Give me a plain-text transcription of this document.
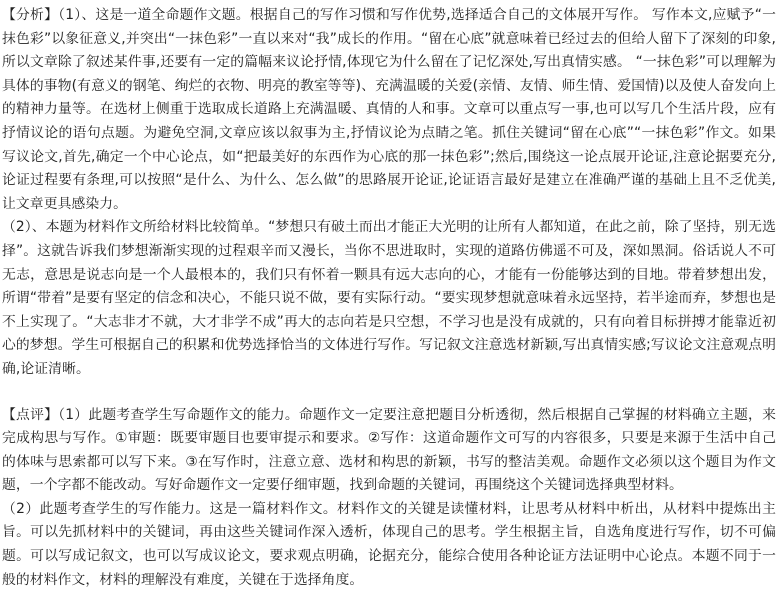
【分析】（1）、这是一道全命题作文题。根据自己的写作习惯和写作优势,选择适合自己的文体展开写作。 写作本文,应赋予“一抹色彩”以象征意义,并突出“一抹色彩”一直以来对“我”成长的作用。“留在心底”就意味着已经过去的但给人留下了深刻的印象,所以文章除了叙述某件事,还要有一定的篇幅来议论抒情,体现它为什么留在了记忆深处,写出真情实感。 “一抹色彩”可以理解为具体的事物(有意义的钢笔、绚烂的衣物、明亮的教室等等)、充满温暖的关爱(亲情、友情、师生情、爱国情)以及使人奋发向上的精神力量等。在选材上侧重于选取成长道路上充满温暖、真情的人和事。文章可以重点写一事,也可以写几个生活片段，应有抒情议论的语句点题。为避免空洞,文章应该以叙事为主,抒情议论为点睛之笔。抓住关键词“留在心底”“一抹色彩”作文。如果写议论文,首先,确定一个中心论点，如“把最美好的东西作为心底的那一抹色彩”;然后,围绕这一论点展开论证,注意论据要充分,论证过程要有条理,可以按照“是什么、为什么、怎么做”的思路展开论证,论证语言最好是建立在准确严谨的基础上且不乏优美,让文章更具感染力。

（2）、本题为材料作文所给材料比较简单。“梦想只有破土而出才能正大光明的让所有人都知道，在此之前，除了坚持，别无选择”。这就告诉我们梦想渐渐实现的过程艰辛而又漫长，当你不思进取时，实现的道路仿佛遥不可及，深如黑洞。俗话说人不可无志，意思是说志向是一个人最根本的，我们只有怀着一颗具有远大志向的心，才能有一份能够达到的目地。带着梦想出发，所谓“带着”是要有坚定的信念和决心，不能只说不做，要有实际行动。“要实现梦想就意味着永远坚持，若半途而弃，梦想也是不上实现了。“大志非才不就，大才非学不成”再大的志向若是只空想，不学习也是没有成就的，只有向着目标拼搏才能靠近初心的梦想。学生可根据自己的积累和优势选择恰当的文体进行写作。写记叙文注意选材新颖,写出真情实感;写议论文注意观点明确,论证清晰。

【点评】（1）此题考查学生写命题作文的能力。命题作文一定要注意把题目分析透彻，然后根据自己掌握的材料确立主题，来完成构思与写作。①审题：既要审题目也要审提示和要求。②写作：这道命题作文可写的内容很多，只要是来源于生活中自己的体味与思索都可以写下来。③在写作时，注意立意、选材和构思的新颖，书写的整洁美观。命题作文必须以这个题目为作文题，一个字都不能改动。写好命题作文一定要仔细审题，找到命题的关键词，再围绕这个关键词选择典型材料。

（2）此题考查学生的写作能力。这是一篇材料作文。材料作文的关键是读懂材料，让思考从材料中析出，从材料中提炼出主旨。可以先抓材料中的关键词，再由这些关键词作深入透析，体现自己的思考。学生根据主旨，自选角度进行写作，切不可偏题。可以写成记叙文，也可以写成议论文，要求观点明确，论据充分，能综合使用各种论证方法证明中心论点。本题不同于一般的材料作文，材料的理解没有难度，关键在于选择角度。
